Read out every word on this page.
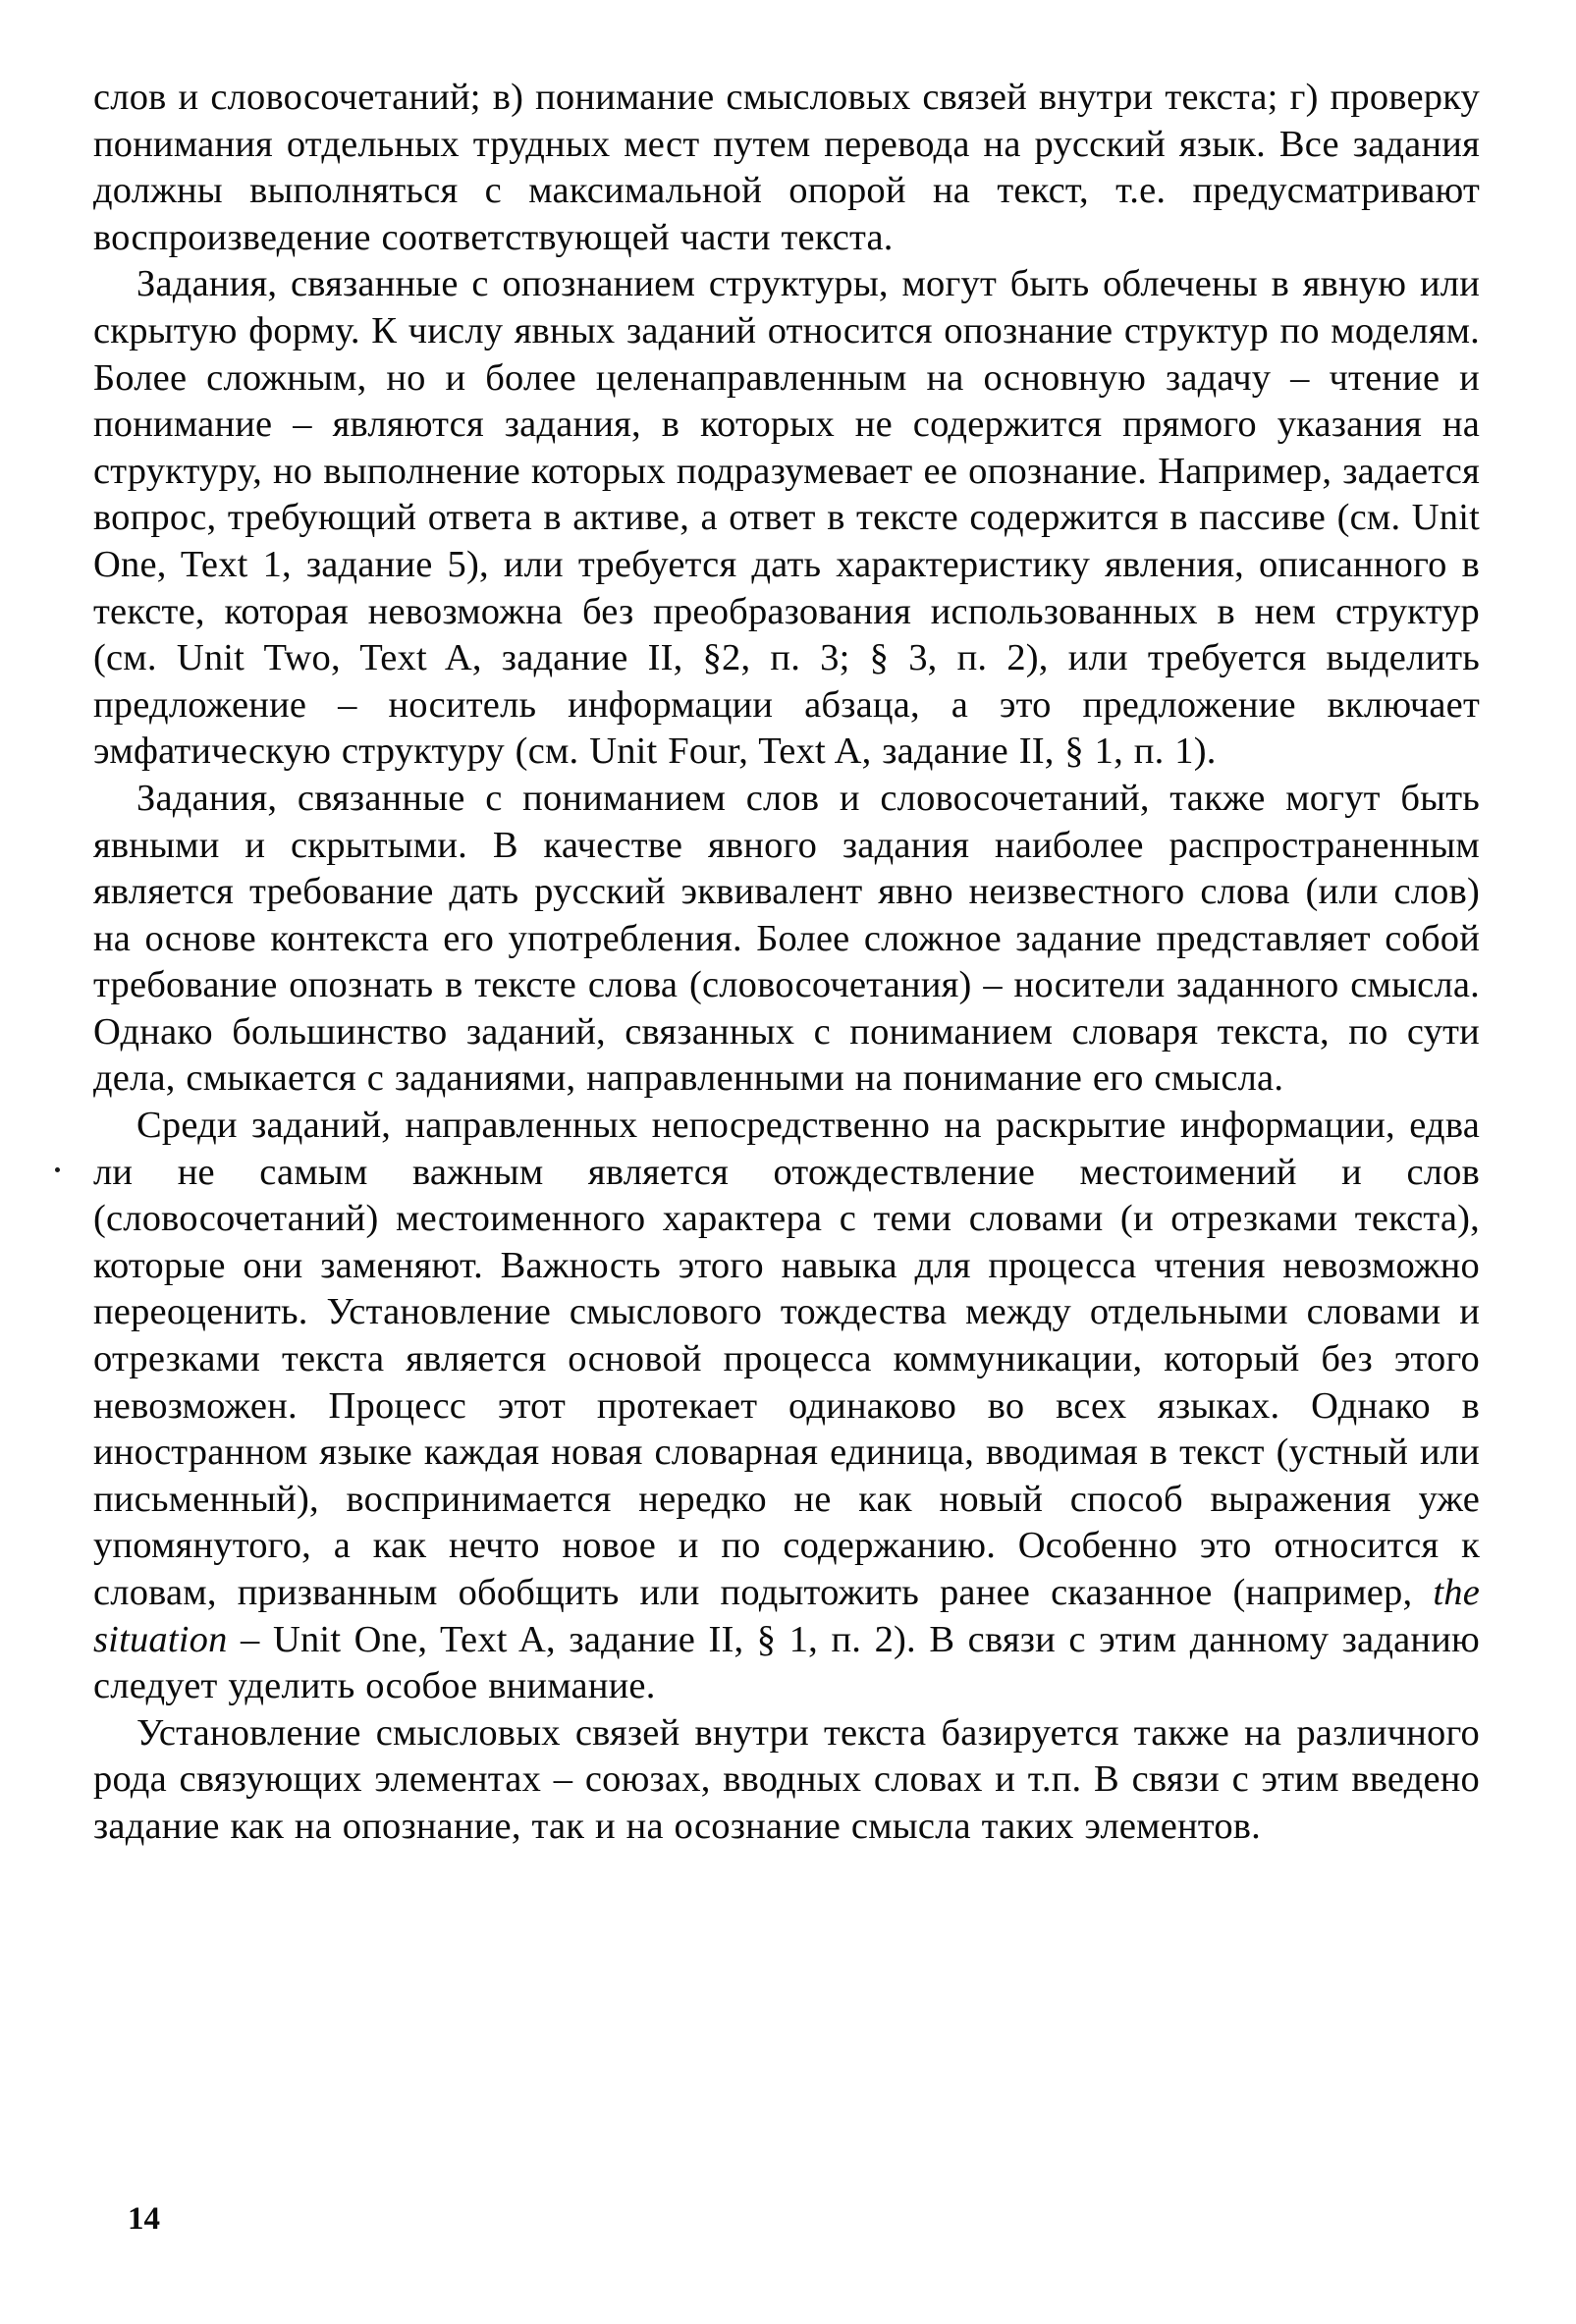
слов и словосочетаний; в) понимание смысловых связей внутри текста; г) проверку понимания отдельных трудных мест путем перевода на русский язык. Все задания должны выполняться с максимальной опорой на текст, т.е. предусматривают воспроизведение соответствующей части текста.

Задания, связанные с опознанием структуры, могут быть облечены в явную или скрытую форму. К числу явных заданий относится опознание структур по моделям. Более сложным, но и более целенаправленным на основную задачу – чтение и понимание – являются задания, в которых не содержится прямого указания на структуру, но выполнение которых подразумевает ее опознание. Например, задается вопрос, требующий ответа в активе, а ответ в тексте содержится в пассиве (см. Unit One, Text 1, задание 5), или требуется дать характеристику явления, описанного в тексте, которая невозможна без преобразования использованных в нем структур (см. Unit Two, Text A, задание II, §2, п. 3; § 3, п. 2), или требуется выделить предложение – носитель информации абзаца, а это предложение включает эмфатическую структуру (см. Unit Four, Text A, задание II, § 1, п. 1).

Задания, связанные с пониманием слов и словосочетаний, также могут быть явными и скрытыми. В качестве явного задания наиболее распространенным является требование дать русский эквивалент явно неизвестного слова (или слов) на основе контекста его употребления. Более сложное задание представляет собой требование опознать в тексте слова (словосочетания) – носители заданного смысла. Однако большинство заданий, связанных с пониманием словаря текста, по сути дела, смыкается с заданиями, направленными на понимание его смысла.

Среди заданий, направленных непосредственно на раскрытие информации, едва ли не самым важным является отождествление местоимений и слов (словосочетаний) местоименного характера с теми словами (и отрезками текста), которые они заменяют. Важность этого навыка для процесса чтения невозможно переоценить. Установление смыслового тождества между отдельными словами и отрезками текста является основой процесса коммуникации, который без этого невозможен. Процесс этот протекает одинаково во всех языках. Однако в иностранном языке каждая новая словарная единица, вводимая в текст (устный или письменный), воспринимается нередко не как новый способ выражения уже упомянутого, а как нечто новое и по содержанию. Особенно это относится к словам, призванным обобщить или подытожить ранее сказанное (например, the situation – Unit One, Text A, задание II, § 1, п. 2). В связи с этим данному заданию следует уделить особое внимание.

Установление смысловых связей внутри текста базируется также на различного рода связующих элементах – союзах, вводных словах и т.п. В связи с этим введено задание как на опознание, так и на осознание смысла таких элементов.

14
